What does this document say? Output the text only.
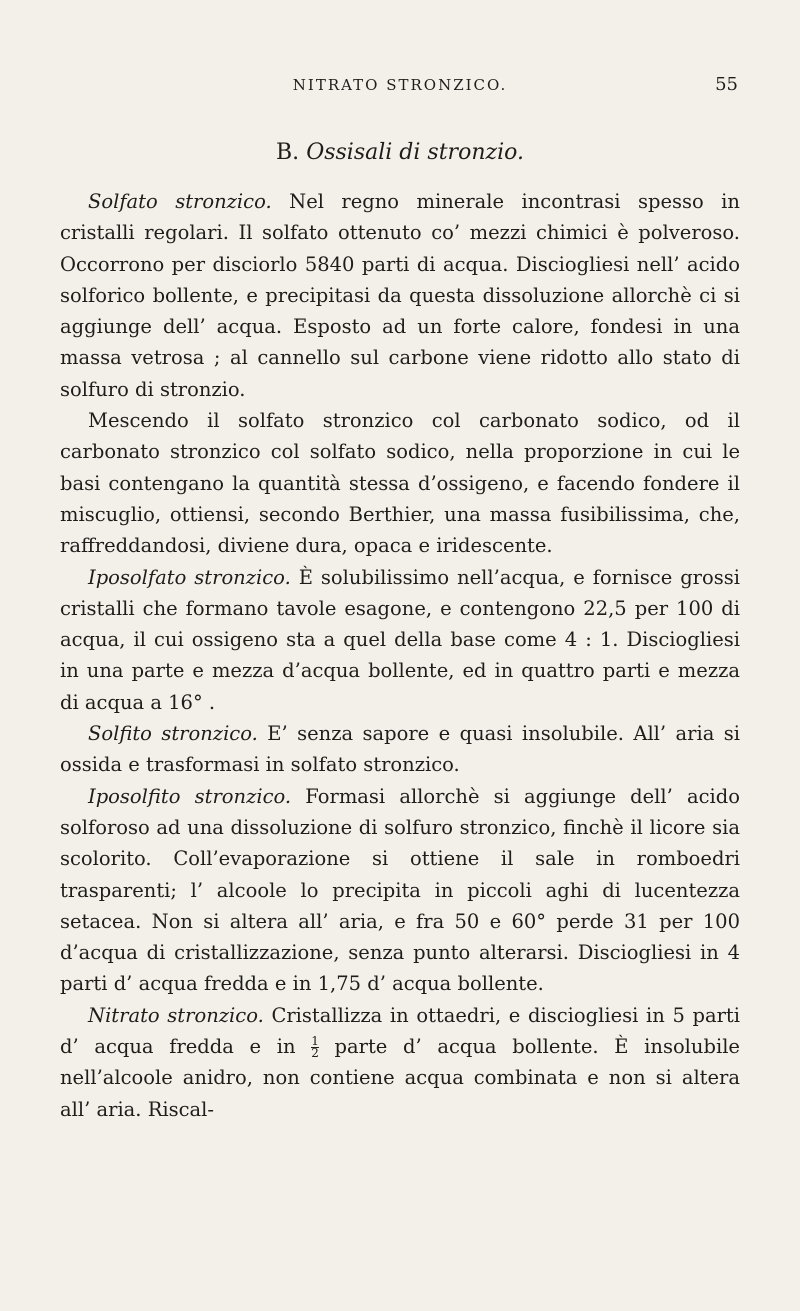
NITRATO STRONZICO.	55
B. Ossisali di stronzio.

Solfato stronzico. Nel regno minerale incontrasi spesso in cristalli regolari. Il solfato ottenuto co’ mezzi chimici è polveroso. Occorrono per disciorlo 5840 parti di acqua. Disciogliesi nell’ acido solforico bollente, e precipitasi da questa dissoluzione allorchè ci si aggiunge dell’ acqua. Esposto ad un forte calore, fondesi in una massa vetrosa ; al cannello sul carbone viene ridotto allo stato di solfuro di stronzio.

Mescendo il solfato stronzico col carbonato sodico, od il carbonato stronzico col solfato sodico, nella proporzione in cui le basi contengano la quantità stessa d’ossigeno, e facendo fondere il miscuglio, ottiensi, secondo Berthier, una massa fusibilissima, che, raffreddandosi, diviene dura, opaca e iridescente.

Iposolfato stronzico. È solubilissimo nell’acqua, e fornisce grossi cristalli che formano tavole esagone, e contengono 22,5 per 100 di acqua, il cui ossigeno sta a quel della base come 4 : 1. Disciogliesi in una parte e mezza d’acqua bollente, ed in quattro parti e mezza di acqua a 16° .

Solfito stronzico. E’ senza sapore e quasi insolubile. All’ aria si ossida e trasformasi in solfato stronzico.

Iposolfito stronzico. Formasi allorchè si aggiunge dell’ acido solforoso ad una dissoluzione di solfuro stronzico, finchè il licore sia scolorito. Coll’evaporazione si ottiene il sale in romboedri trasparenti; l’ alcoole lo precipita in piccoli aghi di lucentezza setacea. Non si altera all’ aria, e fra 50 e 60° perde 31 per 100 d’acqua di cristallizzazione, senza punto alterarsi. Disciogliesi in 4 parti d’ acqua fredda e in 1,75 d’ acqua bollente.

Nitrato stronzico. Cristallizza in ottaedri, e disciogliesi in 5 parti d’ acqua fredda e in $\frac{1}{2}$ parte d’ acqua bollente. È insolubile nell’alcoole anidro, non contiene acqua combinata e non si altera all’ aria. Riscal-
